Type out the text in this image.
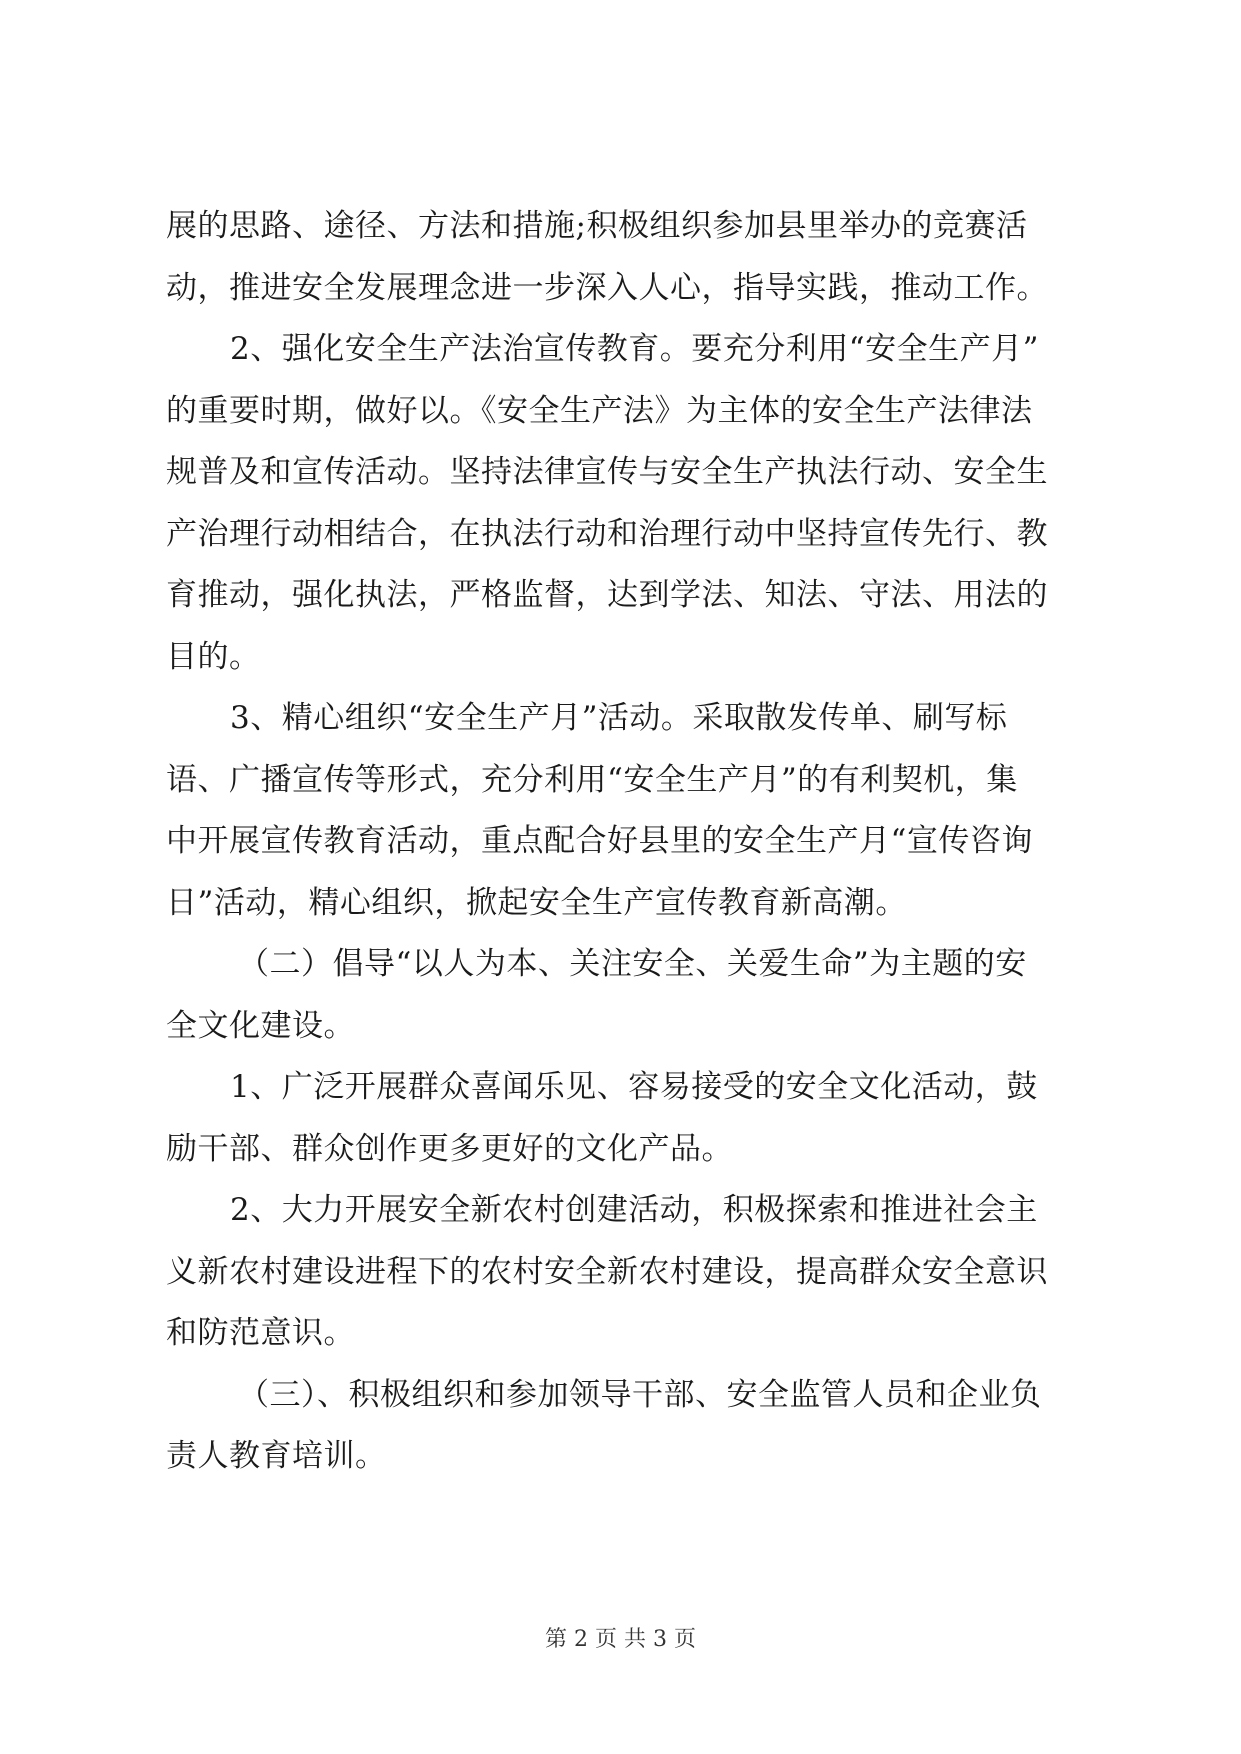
展的思路、途径、方法和措施;积极组织参加县里举办的竞赛活
动，推进安全发展理念进一步深入人心，指导实践，推动工作。
2、强化安全生产法治宣传教育。要充分利用“安全生产月”
的重要时期，做好以。《安全生产法》为主体的安全生产法律法
规普及和宣传活动。坚持法律宣传与安全生产执法行动、安全生
产治理行动相结合，在执法行动和治理行动中坚持宣传先行、教
育推动，强化执法，严格监督，达到学法、知法、守法、用法的
目的。
3、精心组织“安全生产月”活动。采取散发传单、刷写标
语、广播宣传等形式，充分利用“安全生产月”的有利契机，集
中开展宣传教育活动，重点配合好县里的安全生产月“宣传咨询
日”活动，精心组织，掀起安全生产宣传教育新高潮。
（二）倡导“以人为本、关注安全、关爱生命”为主题的安
全文化建设。
1、广泛开展群众喜闻乐见、容易接受的安全文化活动，鼓
励干部、群众创作更多更好的文化产品。
2、大力开展安全新农村创建活动，积极探索和推进社会主
义新农村建设进程下的农村安全新农村建设，提高群众安全意识
和防范意识。
（三）、积极组织和参加领导干部、安全监管人员和企业负
责人教育培训。
第 2 页 共 3 页
